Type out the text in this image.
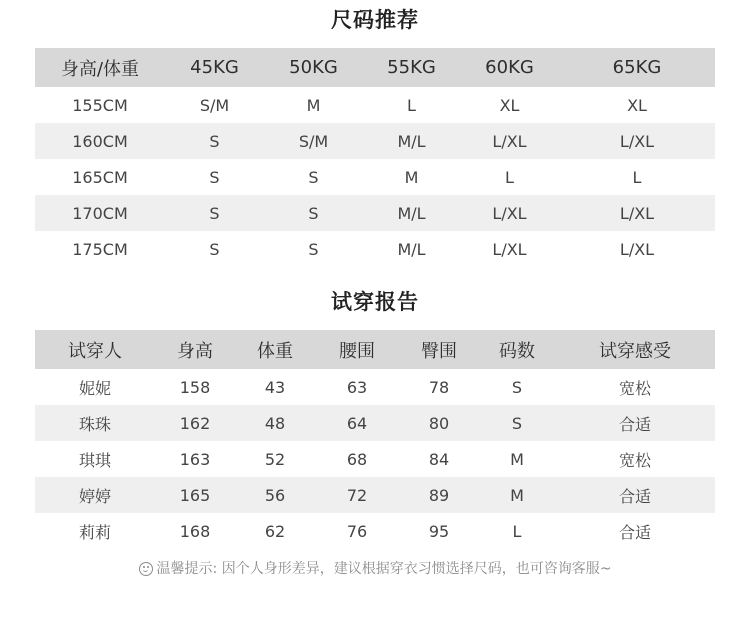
尺码推荐
身高/体重	45KG	50KG	55KG	60KG	65KG
155CM	S/M	M	L	XL	XL
160CM	S	S/M	M/L	L/XL	L/XL
165CM	S	S	M	L	L
170CM	S	S	M/L	L/XL	L/XL
175CM	S	S	M/L	L/XL	L/XL
试穿报告
试穿人	身高	体重	腰围	臀围	码数	试穿感受
妮妮	158	43	63	78	S	宽松
珠珠	162	48	64	80	S	合适
琪琪	163	52	68	84	M	宽松
婷婷	165	56	72	89	M	合适
莉莉	168	62	76	95	L	合适
温馨提示: 因个人身形差异，建议根据穿衣习惯选择尺码，也可咨询客服~
